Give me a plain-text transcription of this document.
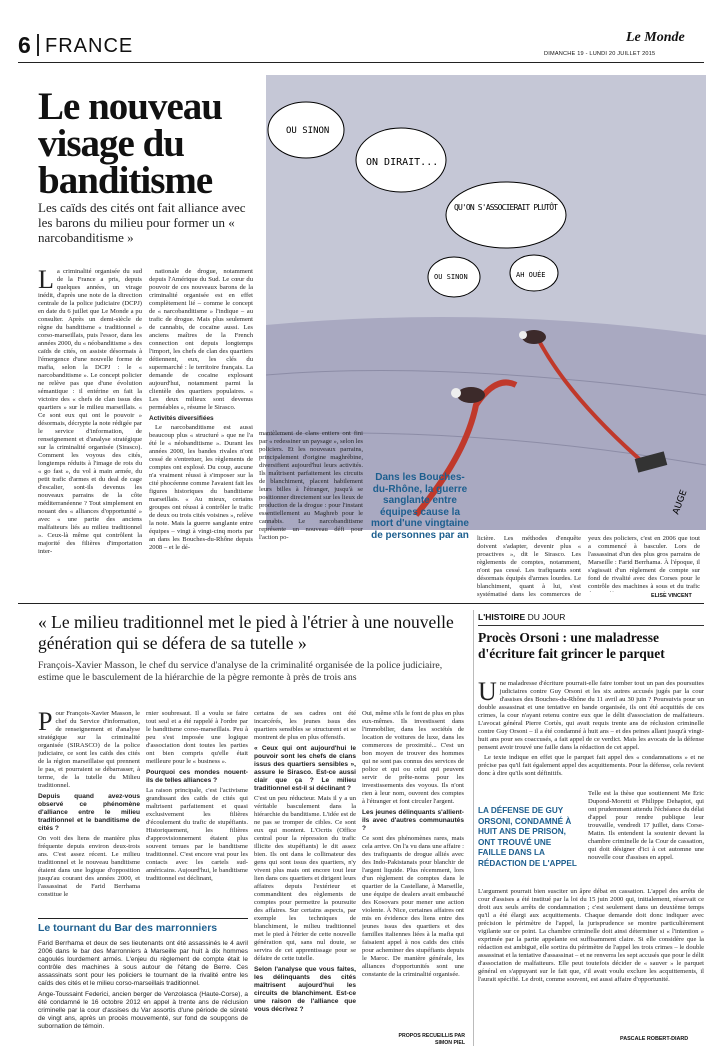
6 FRANCE	Le Monde
DIMANCHE 19 - LUNDI 20 JUILLET 2015
Le nouveau visage du banditisme
Les caïds des cités ont fait alliance avec les barons du milieu pour former un « narcobanditisme »
OU SINON
ON DIRAIT...
QU'ON S'ASSOCIERAIT PLUTÔT
OU SINON	AH OUÉE
AUGE
La criminalité organisée du sud de la France a pris, depuis quelques années, un virage inédit, d'après une note de la direction centrale de la police judiciaire (DCPJ) en date du 6 juillet que Le Monde a pu consulter. Après un demi-siècle de règne du banditisme « traditionnel » corso-marseillais, puis l'essor, dans les années 2000, du « néobanditisme » des caïds de cités, on assiste désormais à l'émergence d'une nouvelle forme de mafia, selon la DCPJ : le « narcobanditisme ». Le concept policier ne relève pas que d'une évolution sémantique : il entérine en fait la victoire des « chefs de clan issus des quartiers » sur le milieu marseillais. « Ce sont eux qui ont le pouvoir » désormais, décrypte la note rédigée par le service d'information, de renseignement et d'analyse stratégique sur la criminalité organisée (Sirasco). Comment les voyous des cités, longtemps réduits à l'image de rois du « go fast », du vol à main armée, du petit trafic d'armes et du deal de cage d'escalier, sont-ils devenus les nouveaux parrains de la côte méditerranéenne ? Tout simplement en nouant des « alliances d'opportunité » avec « une partie des anciens malfaiteurs liés au milieu traditionnel ». Ceux-là même qui contrôlent la majorité des filières d'importation inter-

nationale de drogue, notamment depuis l'Amérique du Sud. Le cœur du pouvoir de ces nouveaux barons de la criminalité organisée est en effet complètement lié – comme le concept de « narcobanditisme » l'indique – au trafic de drogue. Mais plus seulement de cannabis, de cocaïne aussi. Les anciens maîtres de la French connection ont depuis longtemps l'import, les chefs de clan des quartiers détiennent, eux, les clés du supermarché : le territoire français. La demande de cocaïne explosant aujourd'hui, notamment parmi la clientèle des quartiers populaires. « Les deux milieux sont devenus perméables », résume le Sirasco.

Activités diversifiées

Le narcobanditisme est aussi beaucoup plus « structuré » que ne l'a été le « néobanditisme ». Durant les années 2000, les bandes rivales n'ont cessé de s'entretuer, les règlements de comptes ont explosé. Du coup, aucune n'a vraiment réussi à s'imposer sur la cité phocéenne comme l'avaient fait les figures historiques du banditisme marseillais. « Au mieux, certains groupes ont réussi à contrôler le trafic de deux ou trois cités voisines », relève la note. Mais la guerre sanglante entre équipes – vingt à vingt-cinq morts par an dans les Bouches-du-Rhône depuis 2008 – et le dé-

mantèlement de clans entiers ont fini par « redessiner un paysage », selon les policiers. Et les nouveaux parrains, principalement d'origine maghrébine, diversifient aujourd'hui leurs activités. Ils maîtrisent parfaitement les circuits de blanchiment, placent habilement leurs billes à l'étranger, jusqu'à se positionner directement sur les lieux de production de la drogue : pour l'instant essentiellement au Maghreb pour le cannabis. Le narcobanditisme représente un nouveau défi pour l'action po-
Dans les Bouches-du-Rhône, la guerre sanglante entre équipes cause la mort d'une vingtaine de personnes par an licière. Les méthodes d'enquête doivent s'adapter, devenir plus « proactives », dit le Sirasco. Les règlements de comptes, notamment, n'ont pas cessé. Les trafiquants sont désormais équipés d'armes lourdes. Le blanchiment, quant à lui, s'est systématisé dans les commerces de
yeux des policiers, c'est en 2006 que tout a commencé à basculer. Lors de l'assassinat d'un des plus gros parrains de Marseille : Farid Berrhama. À l'époque, il s'agissait d'un règlement de compte sur fond de rivalité avec des Corses pour le contrôle des machines à sous et du trafic
ELISE VINCENT
« Le milieu traditionnel met le pied à l'étrier à une nouvelle génération qui se défera de sa tutelle »
François-Xavier Masson, le chef du service d'analyse de la criminalité organisée de la police judiciaire, estime que le basculement de la hiérarchie de la pègre remonte à près de trois ans
Pour François-Xavier Masson, le chef du Service d'information, de renseignement et d'analyse stratégique sur la criminalité organisée (SIRASCO) de la police judiciaire, ce sont les caïds des cités de la région marseillaise qui prennent le pas, et pourraient se débarrasser, à terme, de la tutelle du Milieu traditionnel.
Depuis quand avez-vous observé ce phénomène d'alliance entre le milieu traditionnel et le banditisme de cités ?
On voit des liens de manière plus fréquente depuis environ deux-trois ans. C'est assez récent. Le milieu traditionnel et le nouveau banditisme étaient dans une logique d'opposition jusqu'au courant des années 2000, et l'assassinat de Farid Berrhama constitue le
rnier soubresaut. Il a voulu se faire tout seul et a été rappelé à l'ordre par le banditisme corso-marseillais. Peu à peu s'est imposée une logique d'association dont toutes les parties ont bien compris qu'elle était meilleure pour le « business ».
Pourquoi ces mondes nouent-ils de telles alliances ?
La raison principale, c'est l'activisme grandissant des caïds de cités qui maîtrisent parfaitement et quasi exclusivement les filières d'écoulement du trafic de stupéfiants. Historiquement, les filières d'approvisionnement étaient plus souvent tenues par le banditisme traditionnel. C'est encore vrai pour les contacts avec les cartels sud-américains. Aujourd'hui, le banditisme traditionnel est déclinant,
certains de ses cadres ont été incarcérés, les jeunes issus des quartiers sensibles se structurent et se montrent de plus en plus offensifs.
« Ceux qui ont aujourd'hui le pouvoir sont les chefs de clans issus des quartiers sensibles », assure le Sirasco. Est-ce aussi clair que ça ? Le milieu traditionnel est-il si déclinant ?
C'est un peu réducteur. Mais il y a un véritable basculement dans la hiérarchie du banditisme. L'idée est de ne pas se tromper de cibles. Ce sont eux qui montent. L'Ocrtis (Office central pour la répression du trafic illicite des stupéfiants) le dit assez bien. Ils ont dans le collimateur des gens qui sont issus des quartiers, n'y vivent plus mais ont encore tout leur lien dans ces quartiers et dirigent leurs affaires depuis l'extérieur et commanditent des règlements de comptes pour permettre la poursuite des affaires. Sur certains aspects, par exemple les techniques de blanchiment, le milieu traditionnel met le pied à l'étrier de cette nouvelle génération qui, sans nul doute, se servira de cet apprentissage pour se défaire de cette tutelle.
Selon l'analyse que vous faites, les délinquants des cités maîtrisent aujourd'hui les circuits de blanchiment. Est-ce une raison de l'alliance que vous décrivez ?
Oui, même s'ils le font de plus en plus eux-mêmes. Ils investissent dans l'immobilier, dans les sociétés de location de voitures de luxe, dans les commerces de proximité... C'est un bon moyen de trouver des hommes qui ne sont pas connus des services de police et qui ou celui qui peuvent servir de prête-noms pour les investissements des voyous. Ils n'ont rien à leur nom, ouvrent des comptes à l'étranger et font circuler l'argent.
Les jeunes délinquants s'allient-ils avec d'autres communautés ?
Ce sont des phénomènes rares, mais cela arrive. On l'a vu dans une affaire : des trafiquants de drogue alliés avec des Indo-Pakistanais pour blanchir de l'argent liquide. Plus récemment, lors d'un règlement de comptes dans le quartier de la Castellane, à Marseille, une équipe de dealers avait embauché des Kosovars pour mener une action violente. À Nice, certaines affaires ont mis en évidence des liens entre des jeunes issus des quartiers et des familles italiennes liées à la mafia qui faisaient appel à nos caïds des cités pour acheminer des stupéfiants depuis le Maroc. De manière générale, les alliances d'opportunités sont une constante de la criminalité organisée.
PROPOS RECUEILLIS PAR SIMON PIEL
Le tournant du Bar des marronniers

Farid Berrhama et deux de ses lieutenants ont été assassinés le 4 avril 2006 dans le bar des Marronniers à Marseille par huit à dix hommes cagoulés lourdement armés. L'enjeu du règlement de compte était le contrôle des machines à sous autour de l'étang de Berre. Ces assassinats sont pour les policiers le tournant de la rivalité entre les caïds des cités et le milieu corso-marseillais traditionnel.

Ange-Toussaint Federici, ancien berger de Venzolasca (Haute-Corse), a été condamné le 16 octobre 2012 en appel à trente ans de réclusion criminelle par la cour d'assises du Var assortis d'une période de sûreté de vingt ans, après un procès mouvementé, sur fond de soupçons de subornation de témoin.

L'HISTOIRE DU JOUR
Procès Orsoni : une maladresse d'écriture fait grincer le parquet
Une maladresse d'écriture pourrait-elle faire tomber tout un pan des poursuites judiciaires contre Guy Orsoni et les six autres accusés jugés par la cour d'assises des Bouches-du-Rhône du 11 avril au 30 juin ? Poursuivis pour un double assassinat et une tentative en bande organisée, ils ont été acquittés de ces crimes, la cour n'ayant retenu contre eux que le délit d'association de malfaiteurs. L'avocat général Pierre Cortès, qui avait requis trente ans de réclusion criminelle contre Guy Orsoni – il a été condamné à huit ans – et des peines allant jusqu'à vingt-huit ans pour ses coaccusés, a fait appel de ce verdict. Mais les avocats de la défense pensent avoir trouvé une faille dans la rédaction de cet appel.

Le texte indique en effet que le parquet fait appel des « condamnations » et ne précise pas qu'il fait également appel des acquittements. Pour la défense, cela revient donc à dire qu'ils sont définitifs.

LA DÉFENSE DE GUY ORSONI, CONDAMNÉ À HUIT ANS DE PRISON, ONT TROUVÉ UNE FAILLE DANS LA RÉDACTION DE L'APPEL
Telle est la thèse que soutiennent Me Éric Dupond-Moretti et Philippe Dehapiot, qui ont prudemment attendu l'échéance du délai d'appel pour rendre publique leur trouvaille, vendredi 17 juillet, dans Corse-Matin. Ils entendent la soutenir devant la chambre criminelle de la Cour de cassation, qui doit désigner d'ici à cet automne une nouvelle cour d'assises en appel.
L'argument pourrait bien susciter un âpre débat en cassation. L'appel des arrêts de cour d'assises a été institué par la loi du 15 juin 2000 qui, initialement, réservait ce droit aux seuls arrêts de condamnation ; c'est seulement dans un deuxième temps qu'il a été élargi aux acquittements. Chaque demande doit donc indiquer avec précision le périmètre de l'appel, la jurisprudence se montre particulièrement vigilante sur ce point. La chambre criminelle doit ainsi déterminer si « l'intention » exprimée par la partie appelante est suffisamment claire. Si elle considère que la rédaction est ambiguë, elle sortira du périmètre de l'appel les trois crimes – le double assassinat et la tentative d'assassinat – et ne renverra les sept accusés que pour le délit d'association de malfaiteurs. Elle peut toutefois décider de « sauver » le parquet général en s'appuyant sur le fait que, s'il avait voulu exclure les acquittements, il l'aurait spécifié. Le droit, comme souvent, est aussi affaire d'opportunité.
PASCALE ROBERT-DIARD
